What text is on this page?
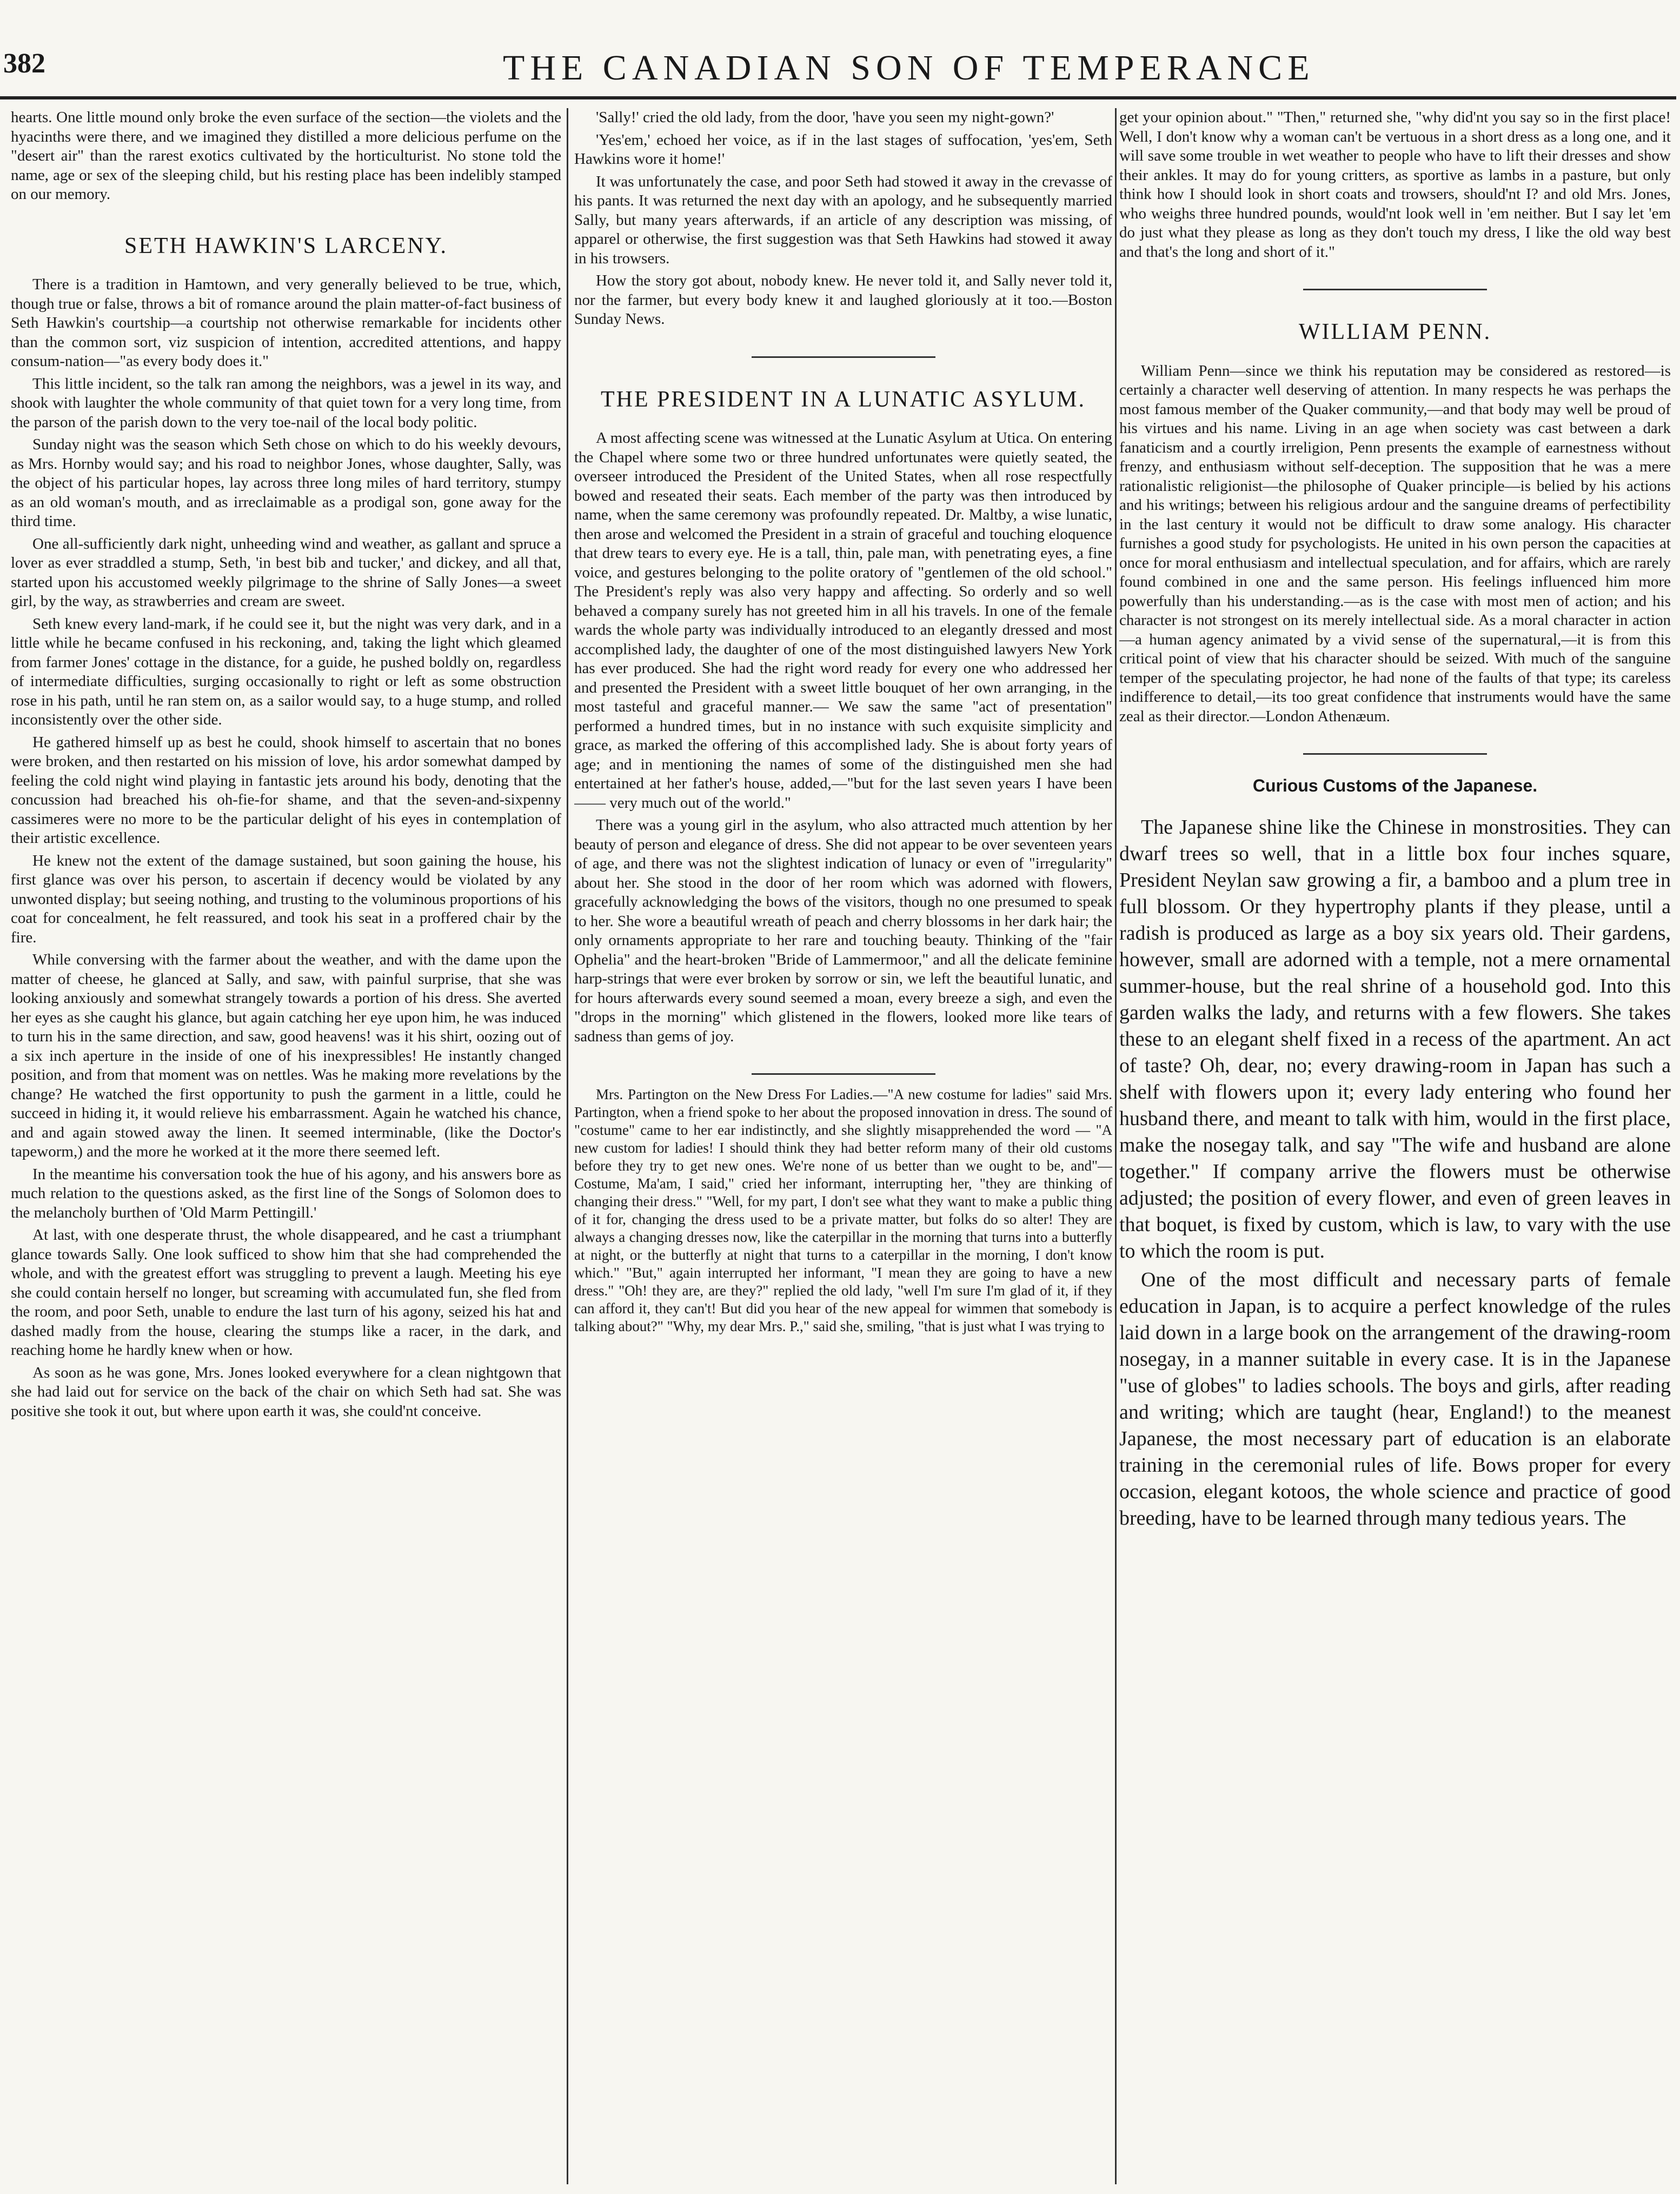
382	THE CANADIAN SON OF TEMPERANCE

hearts. One little mound only broke the even surface of the section—the violets and the hyacinths were there, and we imagined they distilled a more delicious perfume on the "desert air" than the rarest exotics cultivated by the horticulturist. No stone told the name, age or sex of the sleeping child, but his resting place has been indelibly stamped on our memory.

SETH HAWKIN'S LARCENY.

There is a tradition in Hamtown, and very generally believed to be true, which, though true or false, throws a bit of romance around the plain matter-of-fact business of Seth Hawkin's courtship—a courtship not otherwise remarkable for incidents other than the common sort, viz suspicion of intention, accredited attentions, and happy consum-nation—"as every body does it."

This little incident, so the talk ran among the neighbors, was a jewel in its way, and shook with laughter the whole community of that quiet town for a very long time, from the parson of the parish down to the very toe-nail of the local body politic.

Sunday night was the season which Seth chose on which to do his weekly devours, as Mrs. Hornby would say; and his road to neighbor Jones, whose daughter, Sally, was the object of his particular hopes, lay across three long miles of hard territory, stumpy as an old woman's mouth, and as irreclaimable as a prodigal son, gone away for the third time.

One all-sufficiently dark night, unheeding wind and weather, as gallant and spruce a lover as ever straddled a stump, Seth, 'in best bib and tucker,' and dickey, and all that, started upon his accustomed weekly pilgrimage to the shrine of Sally Jones—a sweet girl, by the way, as strawberries and cream are sweet.

Seth knew every land-mark, if he could see it, but the night was very dark, and in a little while he became confused in his reckoning, and, taking the light which gleamed from farmer Jones' cottage in the distance, for a guide, he pushed boldly on, regardless of intermediate difficulties, surging occasionally to right or left as some obstruction rose in his path, until he ran stem on, as a sailor would say, to a huge stump, and rolled inconsistently over the other side.

He gathered himself up as best he could, shook himself to ascertain that no bones were broken, and then restarted on his mission of love, his ardor somewhat damped by feeling the cold night wind playing in fantastic jets around his body, denoting that the concussion had breached his oh-fie-for shame, and that the seven-and-sixpenny cassimeres were no more to be the particular delight of his eyes in contemplation of their artistic excellence.

He knew not the extent of the damage sustained, but soon gaining the house, his first glance was over his person, to ascertain if decency would be violated by any unwonted display; but seeing nothing, and trusting to the voluminous proportions of his coat for concealment, he felt reassured, and took his seat in a proffered chair by the fire.

While conversing with the farmer about the weather, and with the dame upon the matter of cheese, he glanced at Sally, and saw, with painful surprise, that she was looking anxiously and somewhat strangely towards a portion of his dress. She averted her eyes as she caught his glance, but again catching her eye upon him, he was induced to turn his in the same direction, and saw, good heavens! was it his shirt, oozing out of a six inch aperture in the inside of one of his inexpressibles! He instantly changed position, and from that moment was on nettles. Was he making more revelations by the change? He watched the first opportunity to push the garment in a little, could he succeed in hiding it, it would relieve his embarrassment. Again he watched his chance, and and again stowed away the linen. It seemed interminable, (like the Doctor's tapeworm,) and the more he worked at it the more there seemed left.

In the meantime his conversation took the hue of his agony, and his answers bore as much relation to the questions asked, as the first line of the Songs of Solomon does to the melancholy burthen of 'Old Marm Pettingill.'

At last, with one desperate thrust, the whole disappeared, and he cast a triumphant glance towards Sally. One look sufficed to show him that she had comprehended the whole, and with the greatest effort was struggling to prevent a laugh. Meeting his eye she could contain herself no longer, but screaming with accumulated fun, she fled from the room, and poor Seth, unable to endure the last turn of his agony, seized his hat and dashed madly from the house, clearing the stumps like a racer, in the dark, and reaching home he hardly knew when or how.

As soon as he was gone, Mrs. Jones looked everywhere for a clean nightgown that she had laid out for service on the back of the chair on which Seth had sat. She was positive she took it out, but where upon earth it was, she could'nt conceive.

'Sally!' cried the old lady, from the door, 'have you seen my night-gown?'

'Yes'em,' echoed her voice, as if in the last stages of suffocation, 'yes'em, Seth Hawkins wore it home!'

It was unfortunately the case, and poor Seth had stowed it away in the crevasse of his pants. It was returned the next day with an apology, and he subsequently married Sally, but many years afterwards, if an article of any description was missing, of apparel or otherwise, the first suggestion was that Seth Hawkins had stowed it away in his trowsers.

How the story got about, nobody knew. He never told it, and Sally never told it, nor the farmer, but every body knew it and laughed gloriously at it too.—Boston Sunday News.

THE PRESIDENT IN A LUNATIC ASYLUM.

A most affecting scene was witnessed at the Lunatic Asylum at Utica. On entering the Chapel where some two or three hundred unfortunates were quietly seated, the overseer introduced the President of the United States, when all rose respectfully bowed and reseated their seats. Each member of the party was then introduced by name, when the same ceremony was profoundly repeated. Dr. Maltby, a wise lunatic, then arose and welcomed the President in a strain of graceful and touching eloquence that drew tears to every eye. He is a tall, thin, pale man, with penetrating eyes, a fine voice, and gestures belonging to the polite oratory of "gentlemen of the old school." The President's reply was also very happy and affecting. So orderly and so well behaved a company surely has not greeted him in all his travels. In one of the female wards the whole party was individually introduced to an elegantly dressed and most accomplished lady, the daughter of one of the most distinguished lawyers New York has ever produced. She had the right word ready for every one who addressed her and presented the President with a sweet little bouquet of her own arranging, in the most tasteful and graceful manner.— We saw the same "act of presentation" performed a hundred times, but in no instance with such exquisite simplicity and grace, as marked the offering of this accomplished lady. She is about forty years of age; and in mentioning the names of some of the distinguished men she had entertained at her father's house, added,—"but for the last seven years I have been—— very much out of the world."

There was a young girl in the asylum, who also attracted much attention by her beauty of person and elegance of dress. She did not appear to be over seventeen years of age, and there was not the slightest indication of lunacy or even of "irregularity" about her. She stood in the door of her room which was adorned with flowers, gracefully acknowledging the bows of the visitors, though no one presumed to speak to her. She wore a beautiful wreath of peach and cherry blossoms in her dark hair; the only ornaments appropriate to her rare and touching beauty. Thinking of the "fair Ophelia" and the heart-broken "Bride of Lammermoor," and all the delicate feminine harp-strings that were ever broken by sorrow or sin, we left the beautiful lunatic, and for hours afterwards every sound seemed a moan, every breeze a sigh, and even the "drops in the morning" which glistened in the flowers, looked more like tears of sadness than gems of joy.

Mrs. Partington on the New Dress For Ladies.—"A new costume for ladies" said Mrs. Partington, when a friend spoke to her about the proposed innovation in dress. The sound of "costume" came to her ear indistinctly, and she slightly misapprehended the word — "A new custom for ladies! I should think they had better reform many of their old customs before they try to get new ones. We're none of us better than we ought to be, and"—Costume, Ma'am, I said," cried her informant, interrupting her, "they are thinking of changing their dress." "Well, for my part, I don't see what they want to make a public thing of it for, changing the dress used to be a private matter, but folks do so alter! They are always a changing dresses now, like the caterpillar in the morning that turns into a butterfly at night, or the butterfly at night that turns to a caterpillar in the morning, I don't know which." "But," again interrupted her informant, "I mean they are going to have a new dress." "Oh! they are, are they?" replied the old lady, "well I'm sure I'm glad of it, if they can afford it, they can't! But did you hear of the new appeal for wimmen that somebody is talking about?" "Why, my dear Mrs. P.," said she, smiling, "that is just what I was trying to

get your opinion about." "Then," returned she, "why did'nt you say so in the first place! Well, I don't know why a woman can't be vertuous in a short dress as a long one, and it will save some trouble in wet weather to people who have to lift their dresses and show their ankles. It may do for young critters, as sportive as lambs in a pasture, but only think how I should look in short coats and trowsers, should'nt I? and old Mrs. Jones, who weighs three hundred pounds, would'nt look well in 'em neither. But I say let 'em do just what they please as long as they don't touch my dress, I like the old way best and that's the long and short of it."

WILLIAM PENN.

William Penn—since we think his reputation may be considered as restored—is certainly a character well deserving of attention. In many respects he was perhaps the most famous member of the Quaker community,—and that body may well be proud of his virtues and his name. Living in an age when society was cast between a dark fanaticism and a courtly irreligion, Penn presents the example of earnestness without frenzy, and enthusiasm without self-deception. The supposition that he was a mere rationalistic religionist—the philosophe of Quaker principle—is belied by his actions and his writings; between his religious ardour and the sanguine dreams of perfectibility in the last century it would not be difficult to draw some analogy. His character furnishes a good study for psychologists. He united in his own person the capacities at once for moral enthusiasm and intellectual speculation, and for affairs, which are rarely found combined in one and the same person. His feelings influenced him more powerfully than his understanding.—as is the case with most men of action; and his character is not strongest on its merely intellectual side. As a moral character in action—a human agency animated by a vivid sense of the supernatural,—it is from this critical point of view that his character should be seized. With much of the sanguine temper of the speculating projector, he had none of the faults of that type; its careless indifference to detail,—its too great confidence that instruments would have the same zeal as their director.—London Athenæum.

Curious Customs of the Japanese.

The Japanese shine like the Chinese in monstrosities. They can dwarf trees so well, that in a little box four inches square, President Neylan saw growing a fir, a bamboo and a plum tree in full blossom. Or they hypertrophy plants if they please, until a radish is produced as large as a boy six years old. Their gardens, however, small are adorned with a temple, not a mere ornamental summer-house, but the real shrine of a household god. Into this garden walks the lady, and returns with a few flowers. She takes these to an elegant shelf fixed in a recess of the apartment. An act of taste? Oh, dear, no; every drawing-room in Japan has such a shelf with flowers upon it; every lady entering who found her husband there, and meant to talk with him, would in the first place, make the nosegay talk, and say "The wife and husband are alone together." If company arrive the flowers must be otherwise adjusted; the position of every flower, and even of green leaves in that boquet, is fixed by custom, which is law, to vary with the use to which the room is put.

One of the most difficult and necessary parts of female education in Japan, is to acquire a perfect knowledge of the rules laid down in a large book on the arrangement of the drawing-room nosegay, in a manner suitable in every case. It is in the Japanese "use of globes" to ladies schools. The boys and girls, after reading and writing; which are taught (hear, England!) to the meanest Japanese, the most necessary part of education is an elaborate training in the ceremonial rules of life. Bows proper for every occasion, elegant kotoos, the whole science and practice of good breeding, have to be learned through many tedious years. The
